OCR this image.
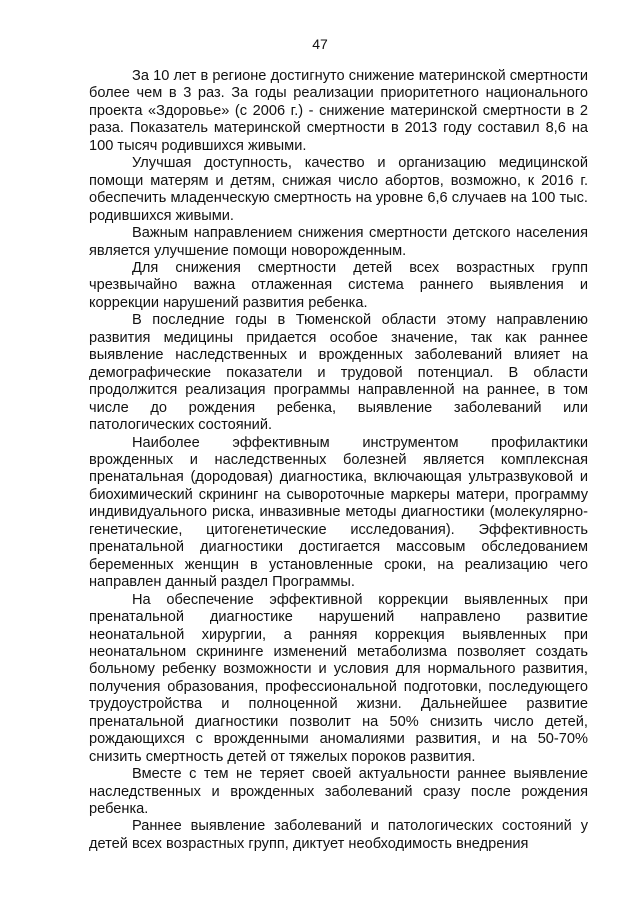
47

За 10 лет в регионе достигнуто снижение материнской смертности более чем в 3 раз. За годы реализации приоритетного национального проекта «Здоровье» (с 2006 г.) - снижение материнской смертности в 2 раза. Показатель материнской смертности в 2013 году составил 8,6 на 100 тысяч родившихся живыми.

Улучшая доступность, качество и организацию медицинской помощи матерям и детям, снижая число абортов, возможно, к 2016 г. обеспечить младенческую смертность на уровне 6,6 случаев на 100 тыс. родившихся живыми.

Важным направлением снижения смертности детского населения является улучшение помощи новорожденным.

Для снижения смертности детей всех возрастных групп чрезвычайно важна отлаженная система раннего выявления и коррекции нарушений развития ребенка.

В последние годы в Тюменской области этому направлению развития медицины придается особое значение, так как раннее выявление наследственных и врожденных заболеваний влияет на демографические показатели и трудовой потенциал. В области продолжится реализация программы направленной на раннее, в том числе до рождения ребенка, выявление заболеваний или патологических состояний.

Наиболее эффективным инструментом профилактики врожденных и наследственных болезней является комплексная пренатальная (дородовая) диагностика, включающая ультразвуковой и биохимический скрининг на сывороточные маркеры матери, программу индивидуального риска, инвазивные методы диагностики (молекулярно-генетические, цитогенетические исследования). Эффективность пренатальной диагностики достигается массовым обследованием беременных женщин в установленные сроки, на реализацию чего направлен данный раздел Программы.

На обеспечение эффективной коррекции выявленных при пренатальной диагностике нарушений направлено развитие неонатальной хирургии, а ранняя коррекция выявленных при неонатальном скрининге изменений метаболизма позволяет создать больному ребенку возможности и условия для нормального развития, получения образования, профессиональной подготовки, последующего трудоустройства и полноценной жизни. Дальнейшее развитие пренатальной диагностики позволит на 50% снизить число детей, рождающихся с врожденными аномалиями развития, и на 50-70% снизить смертность детей от тяжелых пороков развития.

Вместе с тем не теряет своей актуальности раннее выявление наследственных и врожденных заболеваний сразу после рождения ребенка.

Раннее выявление заболеваний и патологических состояний у детей всех возрастных групп, диктует необходимость внедрения
